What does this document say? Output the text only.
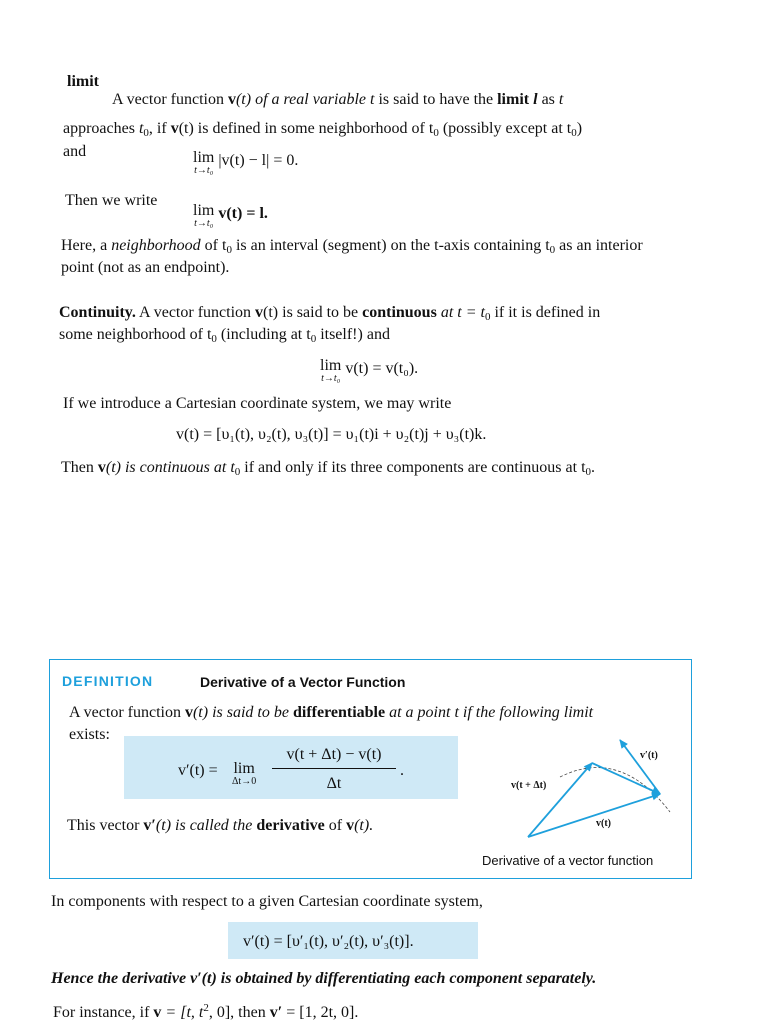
limit
A vector function v(t) of a real variable t is said to have the limit l as t
approaches $t_0$, if v(t) is defined in some neighborhood of $t_0$ (possibly except at $t_0$)
and	lim
t→t₀
|v(t) − l| = 0.
Then we write
lim
t→t₀
v(t) = l.
Here, a neighborhood of $t_0$ is an interval (segment) on the t-axis containing $t_0$ as an interior
point (not as an endpoint).
Continuity. A vector function v(t) is said to be continuous at $t = t_0$ if it is defined in
some neighborhood of $t_0$ (including at $t_0$ itself!) and
lim
t→t₀
v(t) = v(t₀).
If we introduce a Cartesian coordinate system, we may write
v(t) = [υ₁(t), υ₂(t), υ₃(t)] = υ₁(t)i + υ₂(t)j + υ₃(t)k.
Then v(t) is continuous at $t_0$ if and only if its three components are continuous at $t_0$.
DEFINITION	Derivative of a Vector Function
A vector function v(t) is said to be differentiable at a point t if the following limit
exists:
v′(t) = lim
Δt→0
v(t + Δt) − v(t)
Δt
.
This vector v′(t) is called the derivative of v(t).
v′(t)
v(t + Δt)
v(t)
Derivative of a vector function
In components with respect to a given Cartesian coordinate system,
v′(t) = [υ′₁(t), υ′₂(t), υ′₃(t)].
Hence the derivative v′(t) is obtained by differentiating each component separately.
For instance, if v = [t, $t^2$, 0], then v′ = [1, 2t, 0].
